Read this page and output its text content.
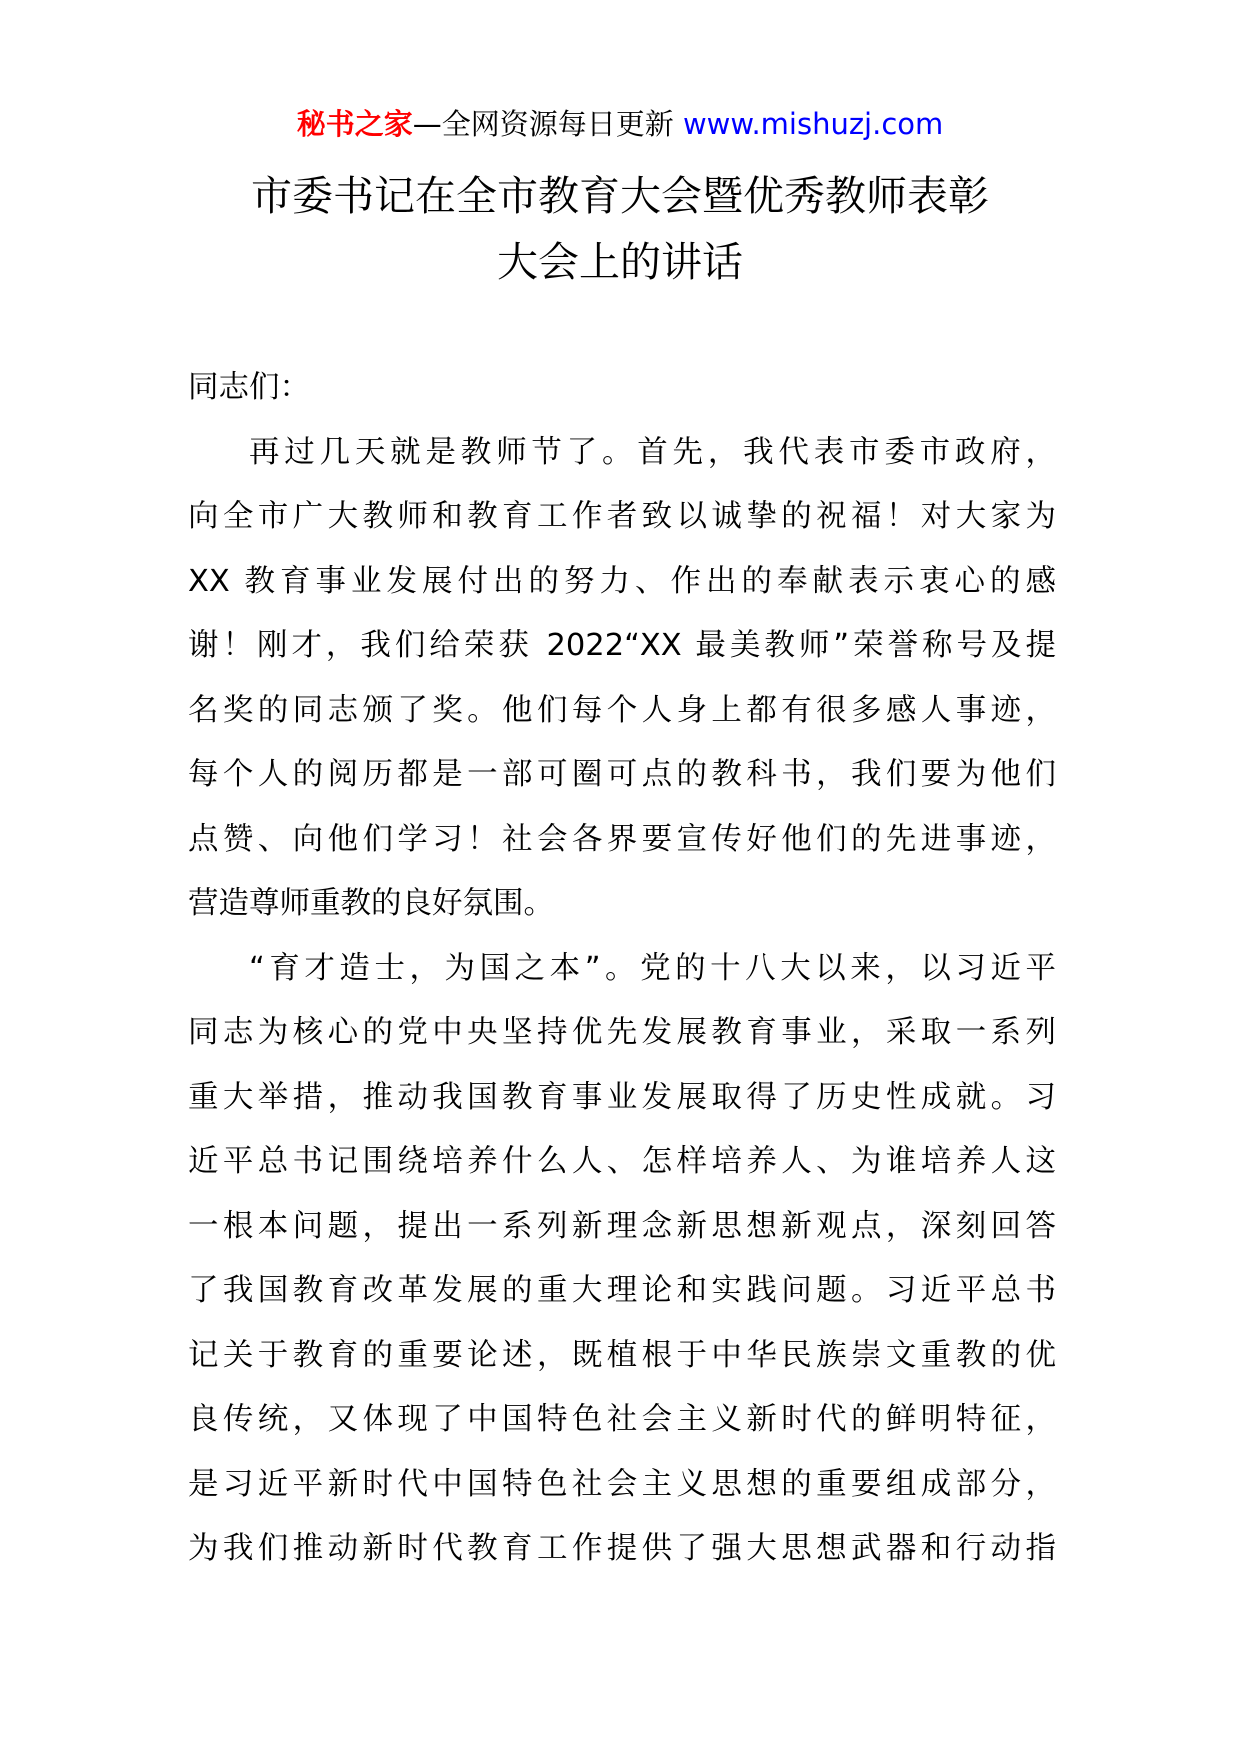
秘书之家—全网资源每日更新 www.mishuzj.com
市委书记在全市教育大会暨优秀教师表彰
大会上的讲话
同志们：
再过几天就是教师节了。首先，我代表市委市政府，
向全市广大教师和教育工作者致以诚挚的祝福！对大家为
XX 教育事业发展付出的努力、作出的奉献表示衷心的感
谢！刚才，我们给荣获 2022“XX 最美教师”荣誉称号及提
名奖的同志颁了奖。他们每个人身上都有很多感人事迹，
每个人的阅历都是一部可圈可点的教科书，我们要为他们
点赞、向他们学习！社会各界要宣传好他们的先进事迹，
营造尊师重教的良好氛围。
“育才造士，为国之本”。党的十八大以来，以习近平
同志为核心的党中央坚持优先发展教育事业，采取一系列
重大举措，推动我国教育事业发展取得了历史性成就。习
近平总书记围绕培养什么人、怎样培养人、为谁培养人这
一根本问题，提出一系列新理念新思想新观点，深刻回答
了我国教育改革发展的重大理论和实践问题。习近平总书
记关于教育的重要论述，既植根于中华民族崇文重教的优
良传统，又体现了中国特色社会主义新时代的鲜明特征，
是习近平新时代中国特色社会主义思想的重要组成部分，
为我们推动新时代教育工作提供了强大思想武器和行动指
